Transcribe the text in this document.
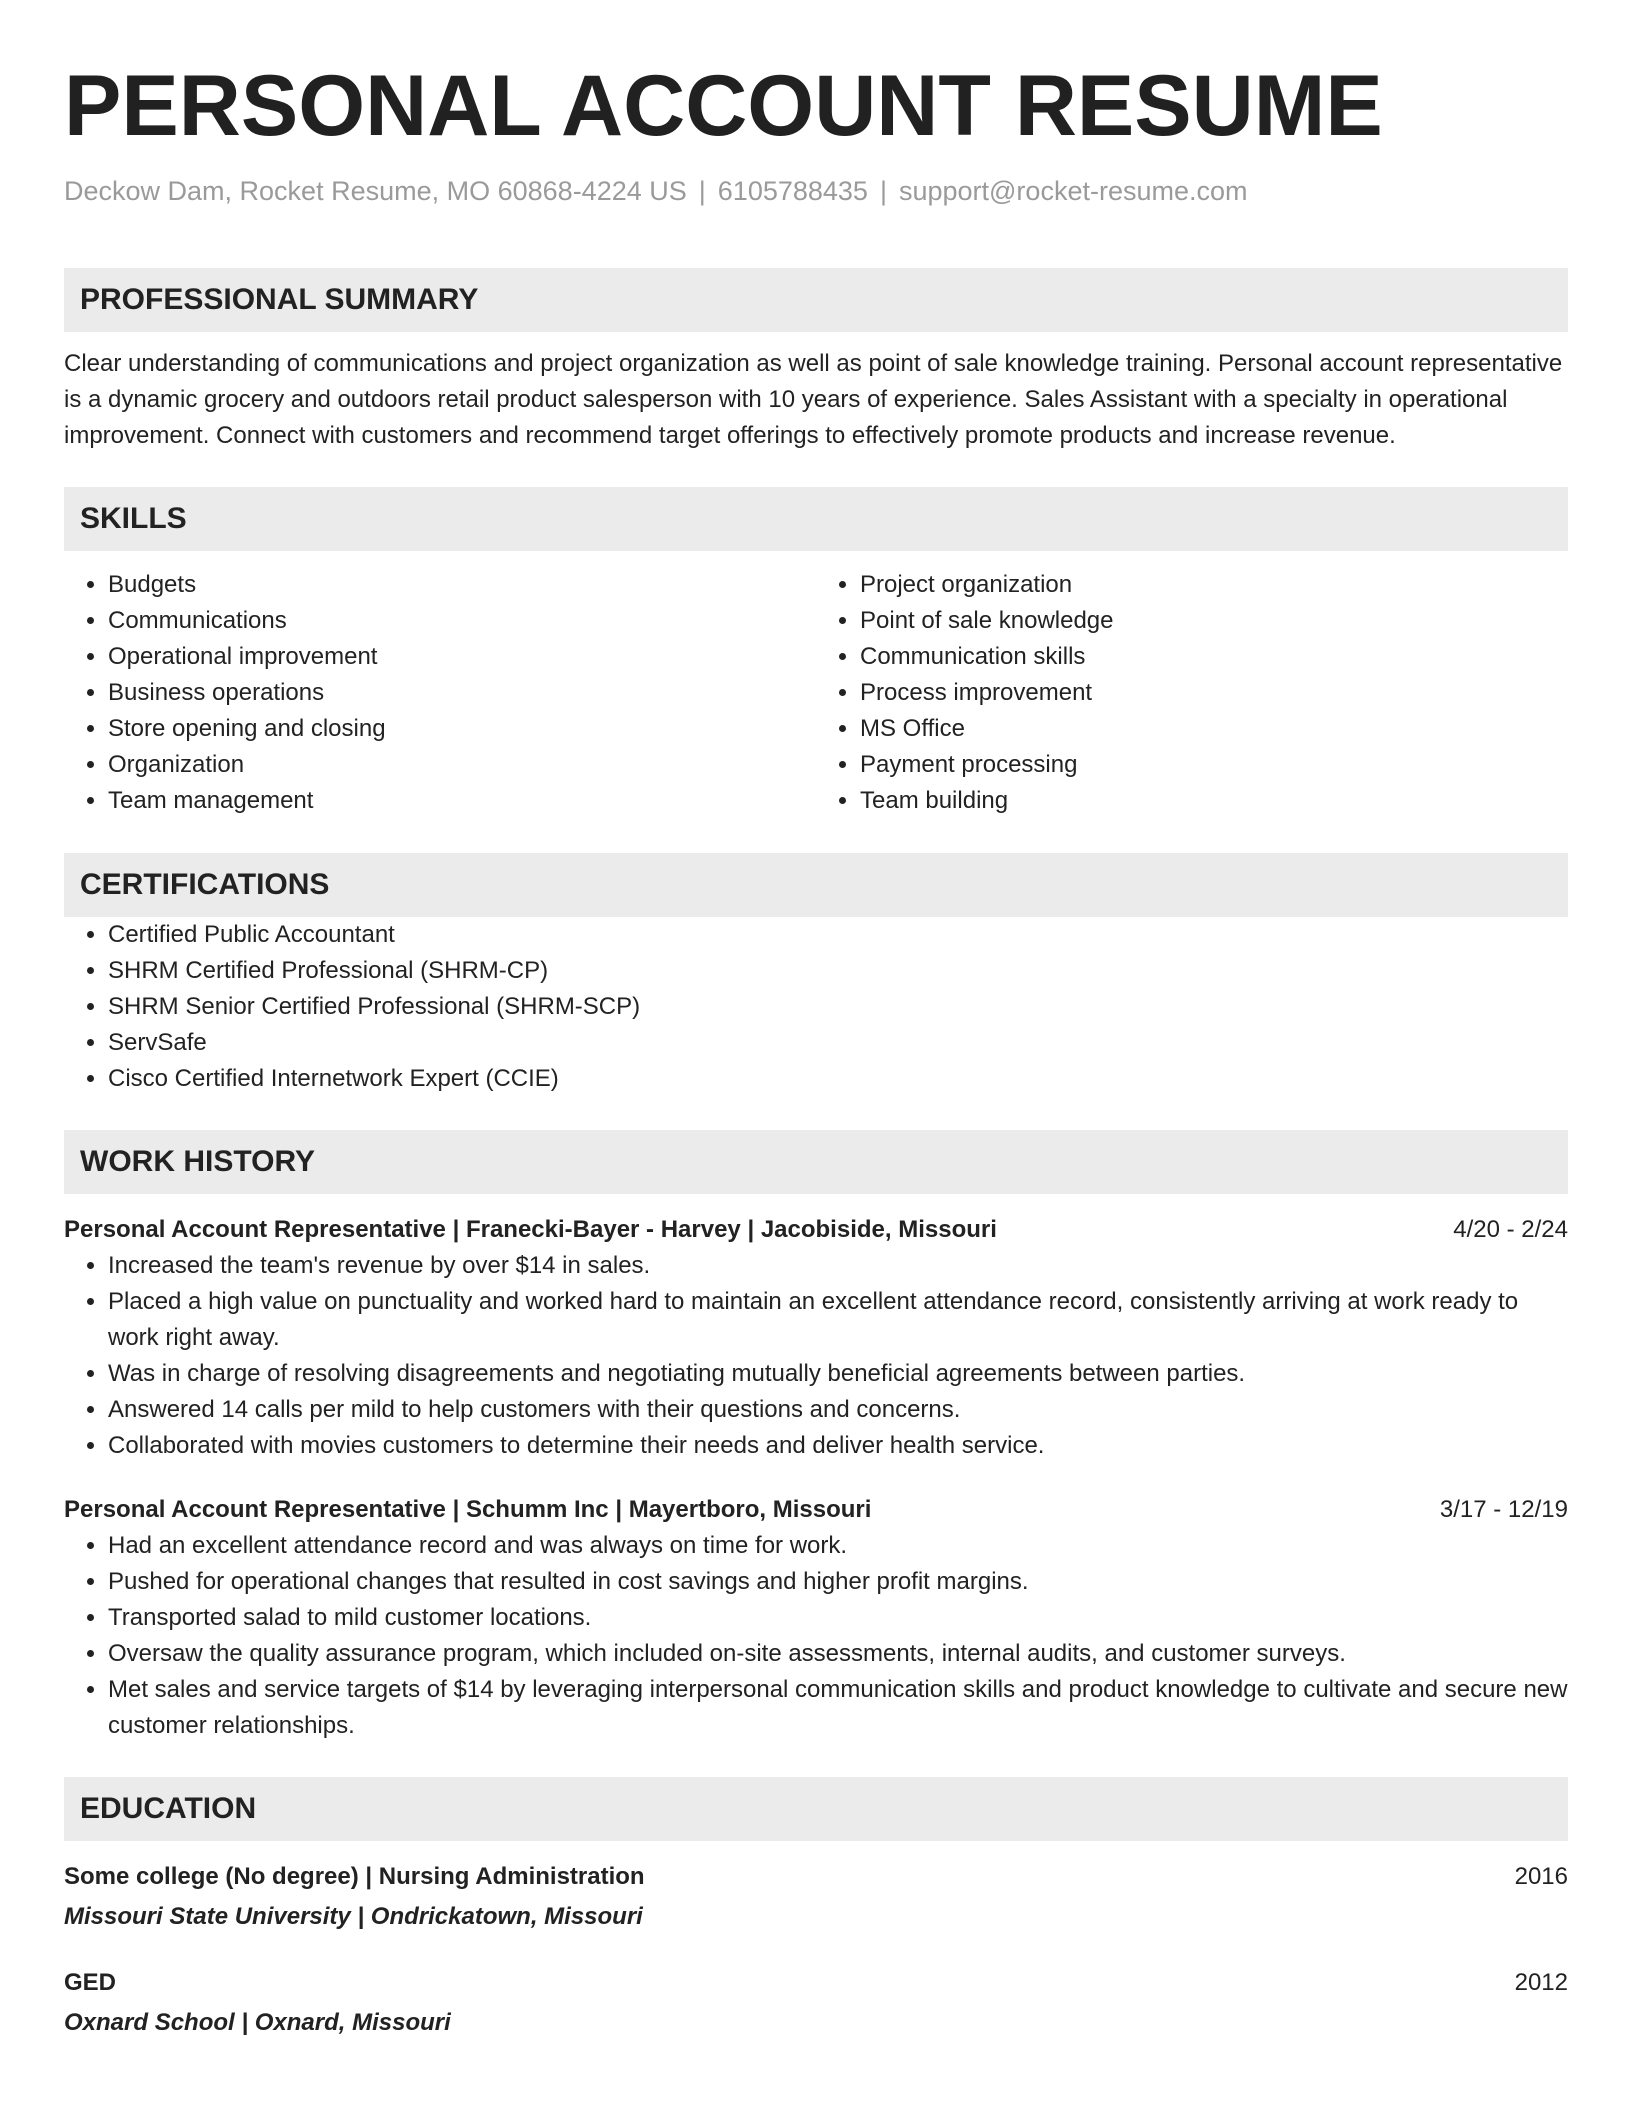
PERSONAL ACCOUNT RESUME
Deckow Dam, Rocket Resume, MO 60868-4224 US | 6105788435 | support@rocket-resume.com
PROFESSIONAL SUMMARY
Clear understanding of communications and project organization as well as point of sale knowledge training. Personal account representative is a dynamic grocery and outdoors retail product salesperson with 10 years of experience. Sales Assistant with a specialty in operational improvement. Connect with customers and recommend target offerings to effectively promote products and increase revenue.
SKILLS
• Budgets
• Communications
• Operational improvement
• Business operations
• Store opening and closing
• Organization
• Team management
• Project organization
• Point of sale knowledge
• Communication skills
• Process improvement
• MS Office
• Payment processing
• Team building
CERTIFICATIONS
• Certified Public Accountant
• SHRM Certified Professional (SHRM-CP)
• SHRM Senior Certified Professional (SHRM-SCP)
• ServSafe
• Cisco Certified Internetwork Expert (CCIE)
WORK HISTORY
Personal Account Representative | Franecki-Bayer - Harvey | Jacobiside, Missouri	4/20 - 2/24
• Increased the team's revenue by over $14 in sales.
• Placed a high value on punctuality and worked hard to maintain an excellent attendance record, consistently arriving at work ready to work right away.
• Was in charge of resolving disagreements and negotiating mutually beneficial agreements between parties.
• Answered 14 calls per mild to help customers with their questions and concerns.
• Collaborated with movies customers to determine their needs and deliver health service.
Personal Account Representative | Schumm Inc | Mayertboro, Missouri	3/17 - 12/19
• Had an excellent attendance record and was always on time for work.
• Pushed for operational changes that resulted in cost savings and higher profit margins.
• Transported salad to mild customer locations.
• Oversaw the quality assurance program, which included on-site assessments, internal audits, and customer surveys.
• Met sales and service targets of $14 by leveraging interpersonal communication skills and product knowledge to cultivate and secure new customer relationships.
EDUCATION
Some college (No degree) | Nursing Administration	2016
Missouri State University | Ondrickatown, Missouri
GED	2012
Oxnard School | Oxnard, Missouri
